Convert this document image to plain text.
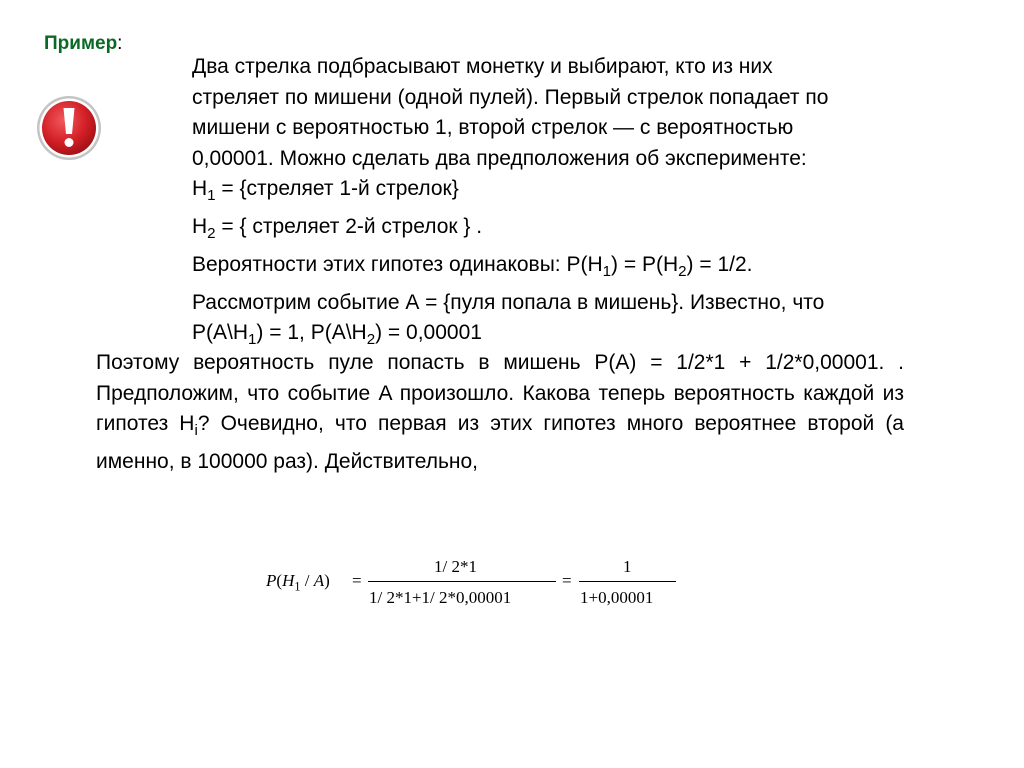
Пример:
Два стрелка подбрасывают монетку и выбирают, кто из них
стреляет по мишени (одной пулей). Первый стрелок попадает по
мишени с вероятностью 1, второй стрелок — с вероятностью
0,00001. Можно сделать два предположения об эксперименте:
$H_1$ = {стреляет 1-й стрелок}
$H_2$ = { стреляет 2-й стрелок } .
Вероятности этих гипотез одинаковы: $P(H_1) = P(H_2) = 1/2$.
Рассмотрим событие А = {пуля попала в мишень}. Известно, что
$P(A\backslash H_1) = 1$, $P(A\backslash H_2) = 0,00001$
Поэтому вероятность пуле попасть в мишень P(A) = 1/2*1 + 1/2*0,00001. . Предположим, что событие A произошло. Какова теперь вероятность каждой из гипотез $H_i$? Очевидно, что первая из этих гипотез много вероятнее второй (а именно, в 100000 раз). Действительно,
$P(H_1 / A)$ =
1/ 2*1
1/ 2*1+1/ 2*0,00001
=
1
1+0,00001
